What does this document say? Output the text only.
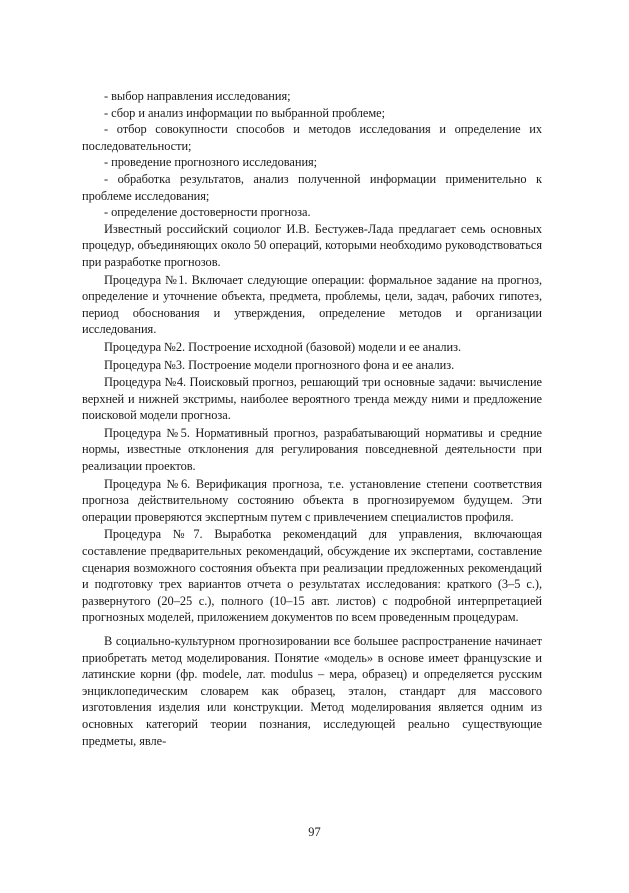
- выбор направления исследования;

- сбор и анализ информации по выбранной проблеме;

- отбор совокупности способов и методов исследования и определение их последовательности;

- проведение прогнозного исследования;

- обработка результатов, анализ полученной информации применительно к проблеме исследования;

- определение достоверности прогноза.

Известный российский социолог И.В. Бестужев-Лада предлагает семь основных процедур, объединяющих около 50 операций, которыми необходимо руководствоваться при разработке прогнозов.

Процедура №1. Включает следующие операции: формальное задание на прогноз, определение и уточнение объекта, предмета, проблемы, цели, задач, рабочих гипотез, период обоснования и утверждения, определение методов и организации исследования.

Процедура №2. Построение исходной (базовой) модели и ее анализ.

Процедура №3. Построение модели прогнозного фона и ее анализ.

Процедура №4. Поисковый прогноз, решающий три основные задачи: вычисление верхней и нижней экстримы, наиболее вероятного тренда между ними и предложение поисковой модели прогноза.

Процедура №5. Нормативный прогноз, разрабатывающий нормативы и средние нормы, известные отклонения для регулирования повседневной деятельности при реализации проектов.

Процедура №6. Верификация прогноза, т.е. установление степени соответствия прогноза действительному состоянию объекта в прогнозируемом будущем. Эти операции проверяются экспертным путем с привлечением специалистов профиля.

Процедура №7. Выработка рекомендаций для управления, включающая составление предварительных рекомендаций, обсуждение их экспертами, составление сценария возможного состояния объекта при реализации предложенных рекомендаций и подготовку трех вариантов отчета о результатах исследования: краткого (3–5 с.), развернутого (20–25 с.), полного (10–15 авт. листов) с подробной интерпретацией прогнозных моделей, приложением документов по всем проведенным процедурам.

В социально-культурном прогнозировании все большее распространение начинает приобретать метод моделирования. Понятие «модель» в основе имеет французские и латинские корни (фр. modele, лат. modulus – мера, образец) и определяется русским энциклопедическим словарем как образец, эталон, стандарт для массового изготовления изделия или конструкции. Метод моделирования является одним из основных категорий теории познания, исследующей реально существующие предметы, явле-

97
